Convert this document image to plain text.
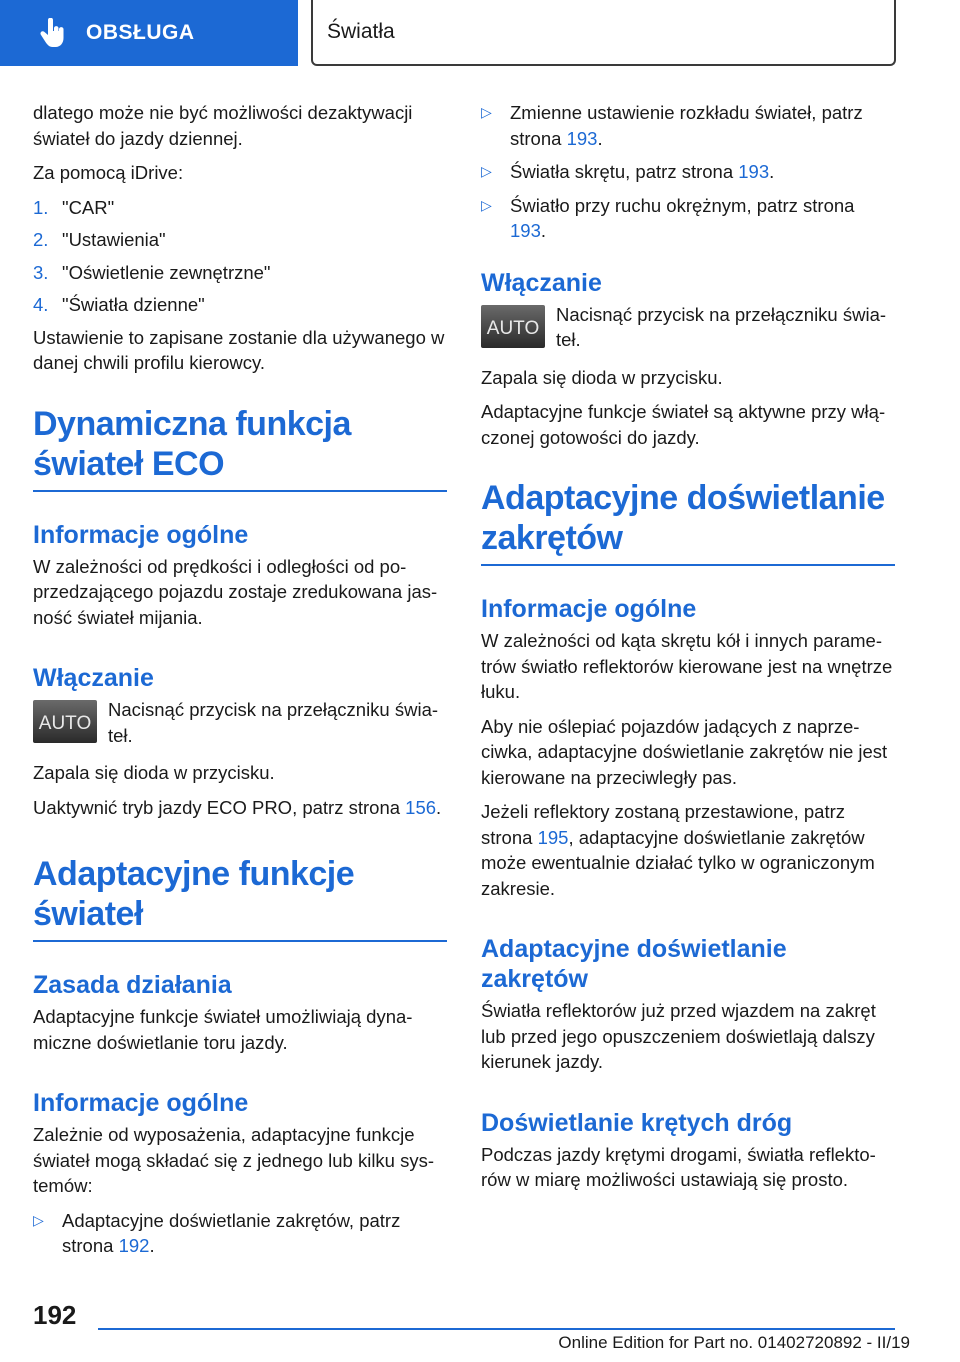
OBSŁUGA	Światła

dlatego może nie być możliwości dezaktywacji świateł do jazdy dziennej.

Za pomocą iDrive:

1. "CAR"
2. "Ustawienia"
3. "Oświetlenie zewnętrzne"
4. "Światła dzienne"

Ustawienie to zapisane zostanie dla używanego w danej chwili profilu kierowcy.

Dynamiczna funkcja świateł ECO
Informacje ogólne

W zależności od prędkości i odległości od poprzedzającego pojazdu zostaje zredukowana jasność świateł mijania.

Włączanie
AUTO

Nacisnąć przycisk na przełączniku świateł.

Zapala się dioda w przycisku.

Uaktywnić tryb jazdy ECO PRO, patrz strona 156.

Adaptacyjne funkcje świateł
Zasada działania

Adaptacyjne funkcje świateł umożliwiają dynamiczne doświetlanie toru jazdy.

Informacje ogólne

Zależnie od wyposażenia, adaptacyjne funkcje świateł mogą składać się z jednego lub kilku systemów:

▷ Adaptacyjne doświetlanie zakrętów, patrz strona 192.
▷ Zmienne ustawienie rozkładu świateł, patrz strona 193.
▷ Światła skrętu, patrz strona 193.
▷ Światło przy ruchu okrężnym, patrz strona 193.
Włączanie
AUTO

Nacisnąć przycisk na przełączniku świateł.

Zapala się dioda w przycisku.

Adaptacyjne funkcje świateł są aktywne przy włączonej gotowości do jazdy.

Adaptacyjne doświetlanie zakrętów
Informacje ogólne

W zależności od kąta skrętu kół i innych parametrów światło reflektorów kierowane jest na wnętrze łuku.

Aby nie oślepiać pojazdów jadących z naprzeciwka, adaptacyjne doświetlanie zakrętów nie jest kierowane na przeciwległy pas.

Jeżeli reflektory zostaną przestawione, patrz strona 195, adaptacyjne doświetlanie zakrętów może ewentualnie działać tylko w ograniczonym zakresie.

Adaptacyjne doświetlanie zakrętów

Światła reflektorów już przed wjazdem na zakręt lub przed jego opuszczeniem doświetlają dalszy kierunek jazdy.

Doświetlanie krętych dróg

Podczas jazdy krętymi drogami, światła reflektorów w miarę możliwości ustawiają się prosto.

192
Online Edition for Part no. 01402720892 - II/19
